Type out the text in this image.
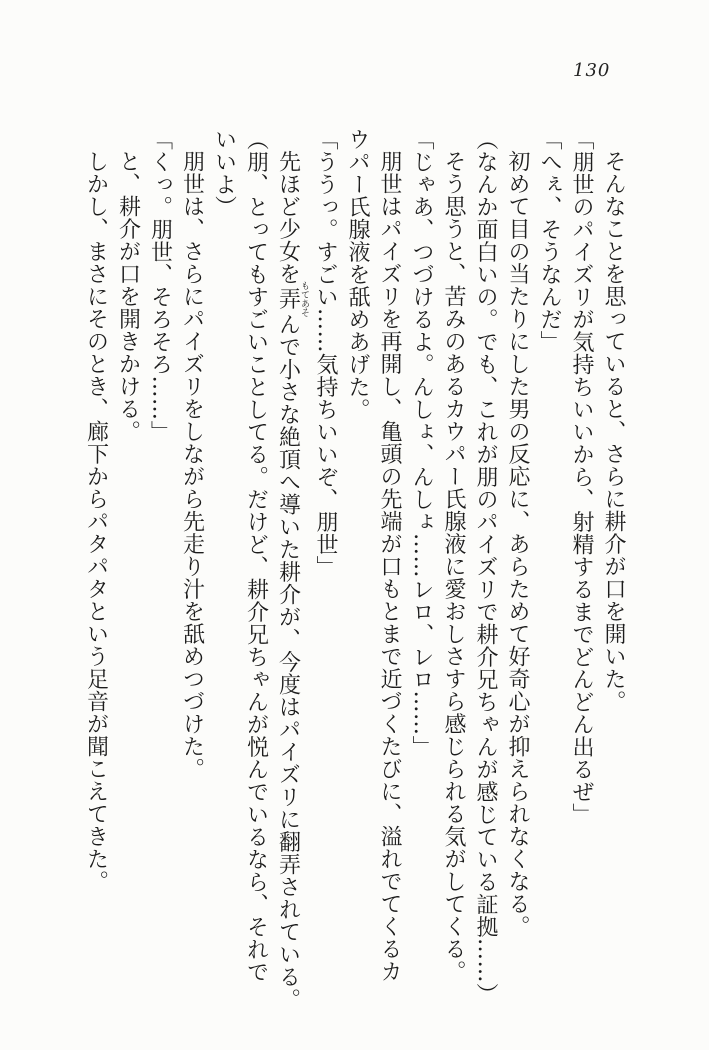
130

そんなことを思っていると、さらに耕介が口を開いた。

「朋世のパイズリが気持ちいいから、射精するまでどんどん出るぜ」

「へぇ、そうなんだ」

初めて目の当たりにした男の反応に、あらためて好奇心が抑えられなくなる。

（なんか面白いの。でも、これが朋のパイズリで耕介兄ちゃんが感じている証拠……）

そう思うと、苦みのあるカウパー氏腺液に愛おしさすら感じられる気がしてくる。

「じゃあ、つづけるよ。んしょ、んしょ……レロ、レロ……」

朋世はパイズリを再開し、亀頭の先端が口もとまで近づくたびに、溢れでてくるカ

ウパー氏腺液を舐めあげた。

「ううっ。すごい……気持ちいいぞ、朋世」

先ほど少女を弄もてあそんで小さな絶頂へ導いた耕介が、今度はパイズリに翻弄されている。

（朋、とってもすごいことしてる。だけど、耕介兄ちゃんが悦んでいるなら、それで

いいよ）

朋世は、さらにパイズリをしながら先走り汁を舐めつづけた。

「くっ。朋世、そろそろ……」

と、耕介が口を開きかける。

しかし、まさにそのとき、廊下からパタパタという足音が聞こえてきた。
